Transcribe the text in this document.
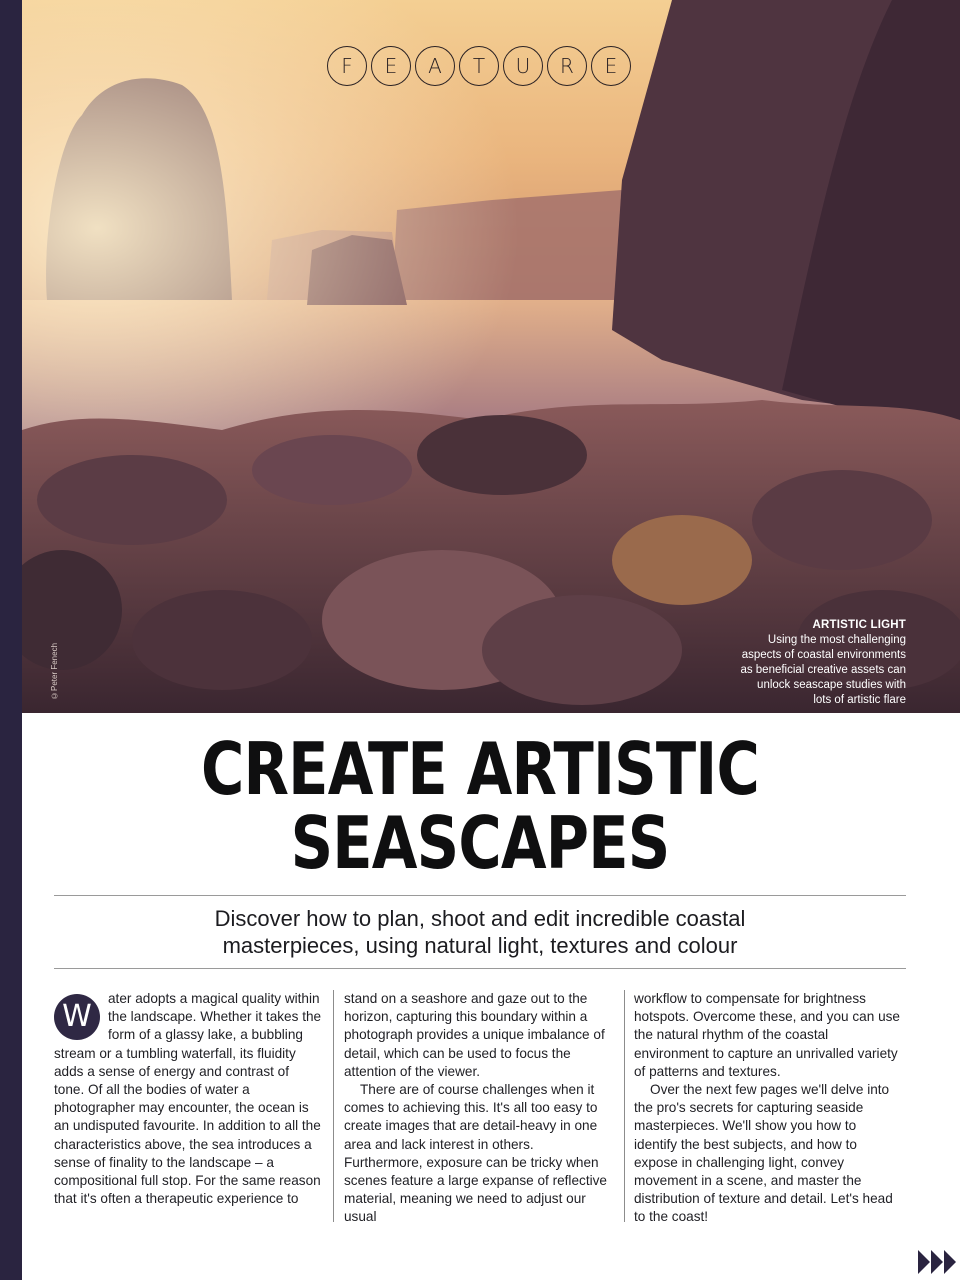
F	E	A	T	U	R	E
©Peter Fenech
ARTISTIC LIGHT
Using the most challenging
aspects of coastal environments
as beneficial creative assets can
unlock seascape studies with
lots of artistic flare
CREATE ARTISTIC
SEASCAPES
Discover how to plan, shoot and edit incredible coastal
masterpieces, using natural light, textures and colour
W

ater adopts a magical quality within the landscape. Whether it takes the form of a glassy lake, a bubbling stream or a tumbling waterfall, its fluidity adds a sense of energy and contrast of tone. Of all the bodies of water a photographer may encounter, the ocean is an undisputed favourite. In addition to all the characteristics above, the sea introduces a sense of finality to the landscape – a compositional full stop. For the same reason that it's often a therapeutic experience to

stand on a seashore and gaze out to the horizon, capturing this boundary within a photograph provides a unique imbalance of detail, which can be used to focus the attention of the viewer.

There are of course challenges when it comes to achieving this. It's all too easy to create images that are detail-heavy in one area and lack interest in others. Furthermore, exposure can be tricky when scenes feature a large expanse of reflective material, meaning we need to adjust our usual

workflow to compensate for brightness hotspots. Overcome these, and you can use the natural rhythm of the coastal environment to capture an unrivalled variety of patterns and textures.

Over the next few pages we'll delve into the pro's secrets for capturing seaside masterpieces. We'll show you how to identify the best subjects, and how to expose in challenging light, convey movement in a scene, and master the distribution of texture and detail. Let's head to the coast!
